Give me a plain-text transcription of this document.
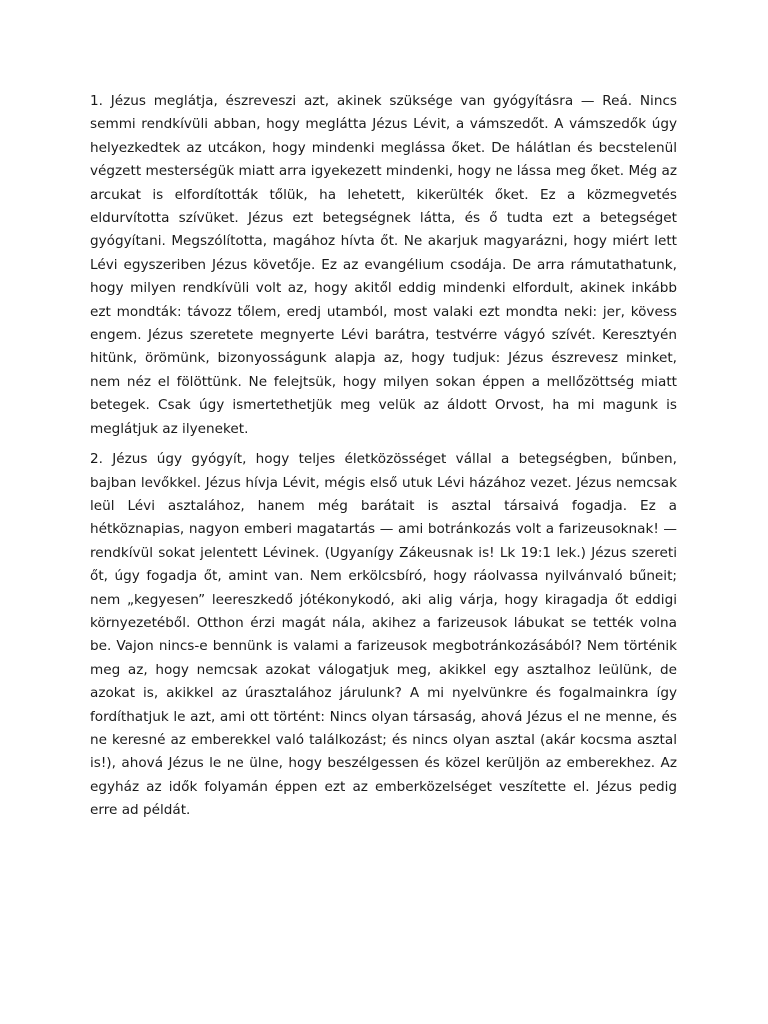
1. Jézus meglátja, észreveszi azt, akinek szüksége van gyógyításra — Reá. Nincs semmi rendkívüli abban, hogy meglátta Jézus Lévit, a vámszedőt. A vámszedők úgy helyezkedtek az utcákon, hogy mindenki meglássa őket. De hálátlan és becstelenül végzett mesterségük miatt arra igyekezett mindenki, hogy ne lássa meg őket. Még az arcukat is elfordították tőlük, ha lehetett, kikerülték őket. Ez a közmegvetés eldurvította szívüket. Jézus ezt betegségnek látta, és ő tudta ezt a betegséget gyógyítani. Megszólította, magához hívta őt. Ne akarjuk magyarázni, hogy miért lett Lévi egyszeriben Jézus követője. Ez az evangélium csodája. De arra rámutathatunk, hogy milyen rendkívüli volt az, hogy akitől eddig mindenki elfordult, akinek inkább ezt mondták: távozz tőlem, eredj utamból, most valaki ezt mondta neki: jer, kövess engem. Jézus szeretete megnyerte Lévi barátra, testvérre vágyó szívét. Keresztyén hitünk, örömünk, bizonyosságunk alapja az, hogy tudjuk: Jézus észrevesz minket, nem néz el fölöttünk. Ne felejtsük, hogy milyen sokan éppen a mellőzöttség miatt betegek. Csak úgy ismertethetjük meg velük az áldott Orvost, ha mi magunk is meglátjuk az ilyeneket.

2. Jézus úgy gyógyít, hogy teljes életközösséget vállal a betegségben, bűnben, bajban levőkkel. Jézus hívja Lévit, mégis első utuk Lévi házához vezet. Jézus nemcsak leül Lévi asztalához, hanem még barátait is asztal társaivá fogadja. Ez a hétköznapias, nagyon emberi magatartás — ami botránkozás volt a farizeusoknak! — rendkívül sokat jelentett Lévinek. (Ugyanígy Zákeusnak is! Lk 19:1 lek.) Jézus szereti őt, úgy fogadja őt, amint van. Nem erkölcsbíró, hogy ráolvassa nyilvánvaló bűneit; nem „kegyesen” leereszkedő jótékonykodó, aki alig várja, hogy kiragadja őt eddigi környezetéből. Otthon érzi magát nála, akihez a farizeusok lábukat se tették volna be. Vajon nincs-e bennünk is valami a farizeusok megbotránkozásából? Nem történik meg az, hogy nemcsak azokat válogatjuk meg, akikkel egy asztalhoz leülünk, de azokat is, akikkel az úrasztalához járulunk? A mi nyelvünkre és fogalmainkra így fordíthatjuk le azt, ami ott történt: Nincs olyan társaság, ahová Jézus el ne menne, és ne keresné az emberekkel való találkozást; és nincs olyan asztal (akár kocsma asztal is!), ahová Jézus le ne ülne, hogy beszélgessen és közel kerüljön az emberekhez. Az egyház az idők folyamán éppen ezt az emberközelséget veszítette el. Jézus pedig erre ad példát.
